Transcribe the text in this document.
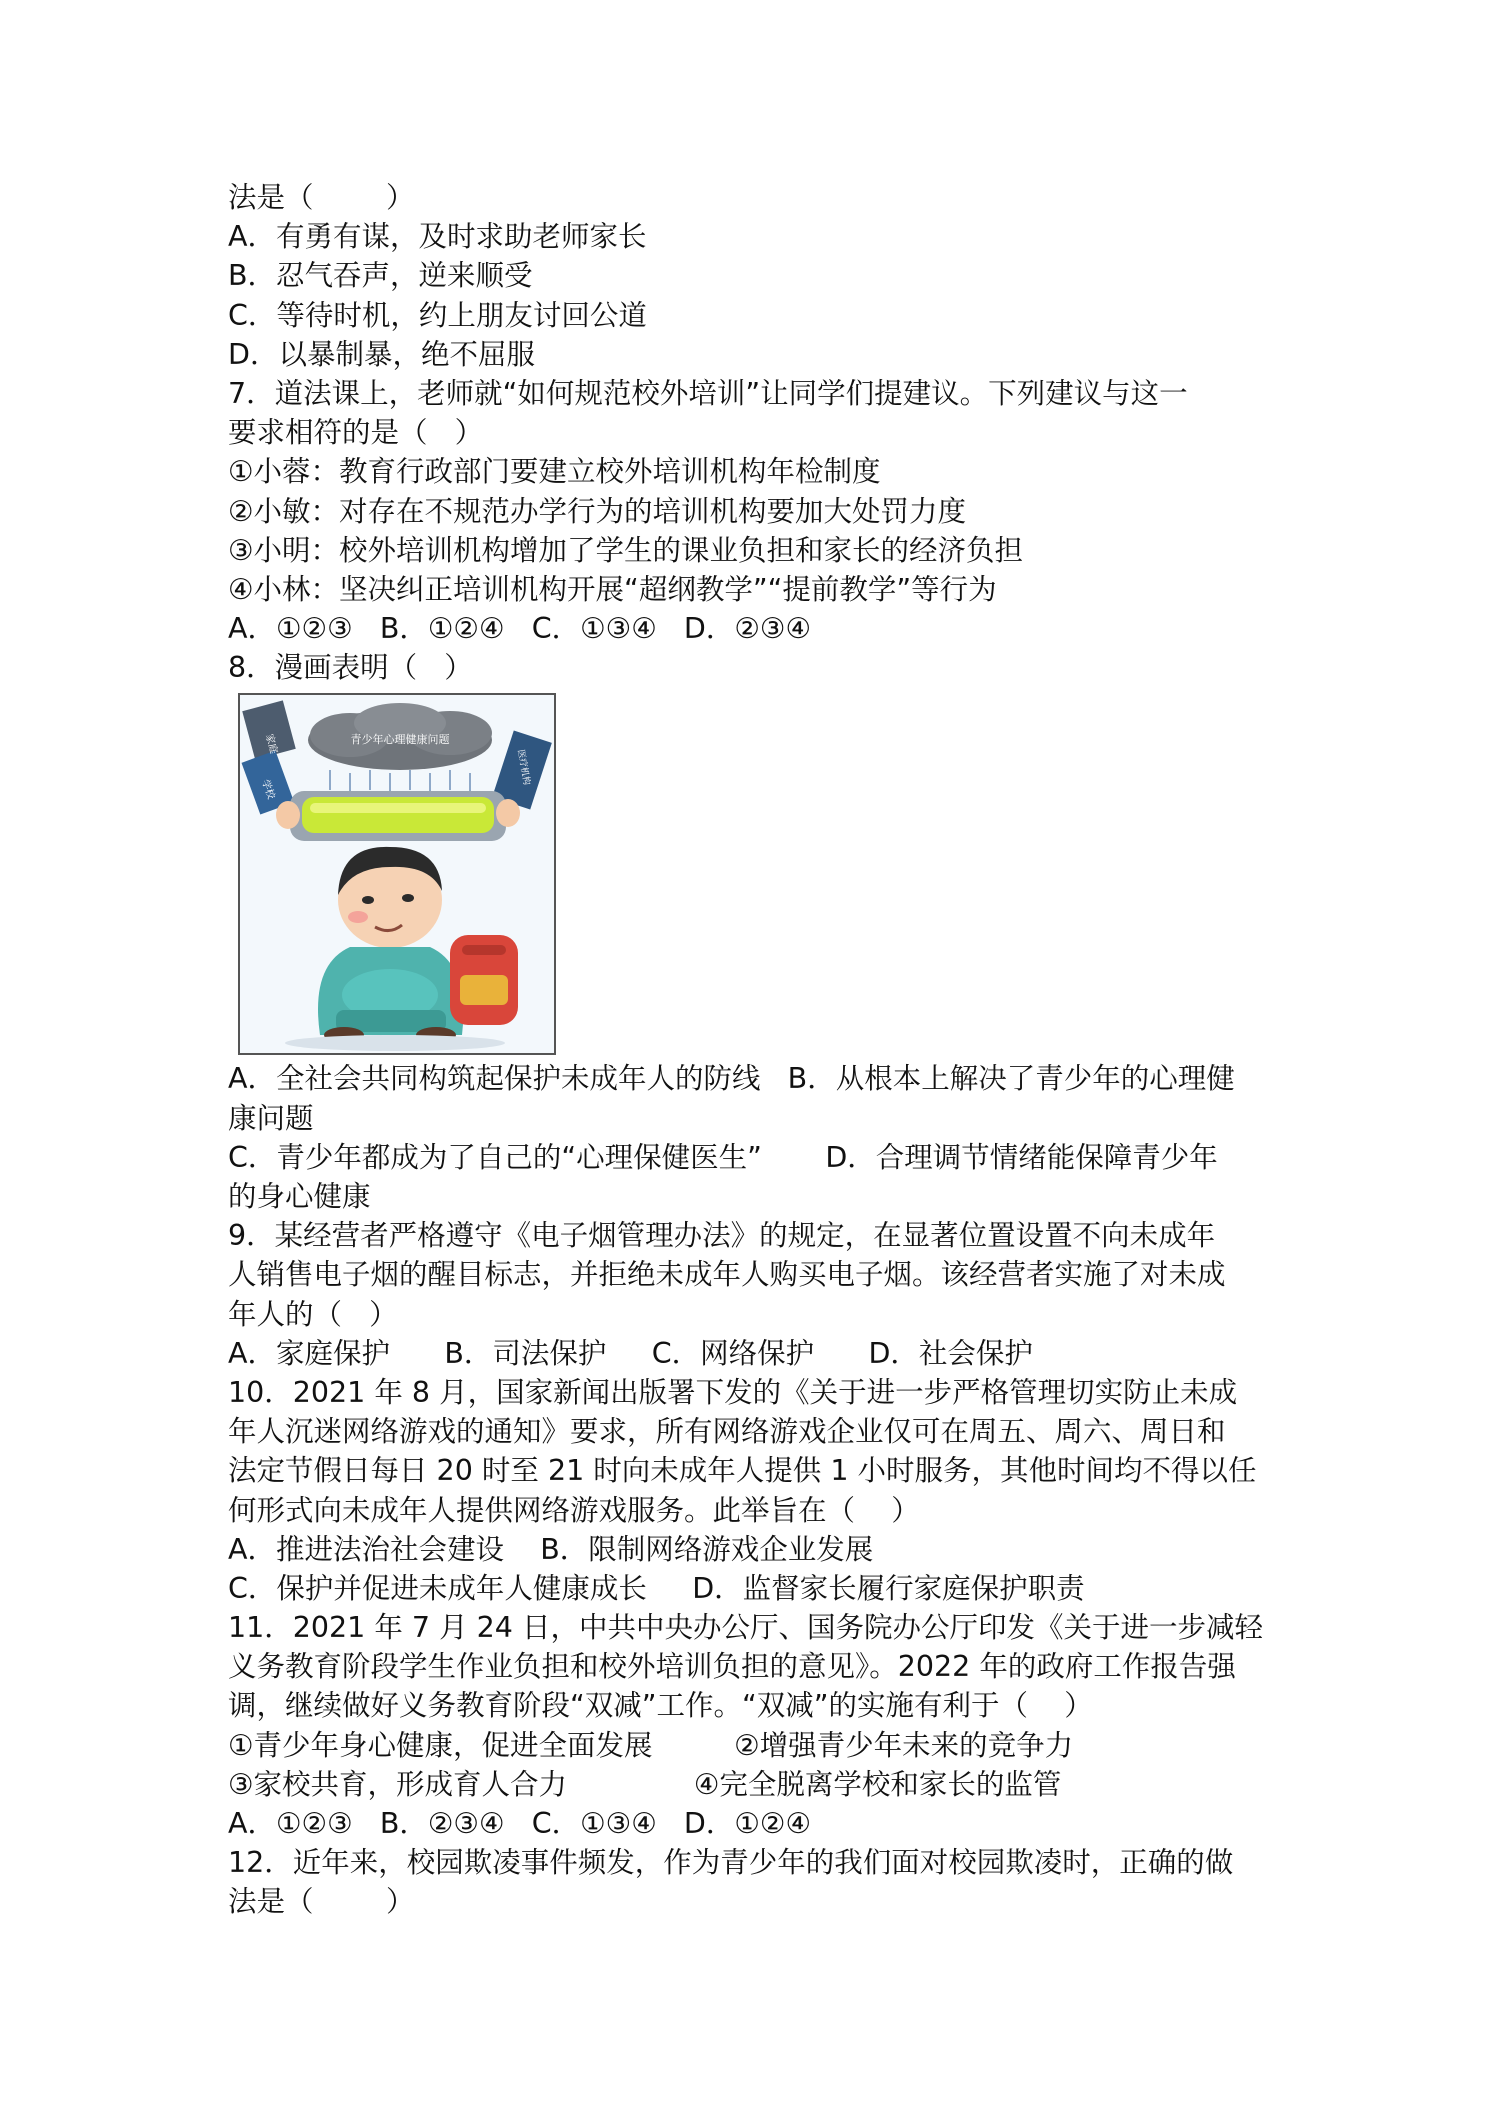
法是（        ）
A．有勇有谋，及时求助老师家长
B．忍气吞声，逆来顺受
C．等待时机，约上朋友讨回公道
D．以暴制暴，绝不屈服
7．道法课上，老师就“如何规范校外培训”让同学们提建议。下列建议与这一
要求相符的是（   ）
①小蓉：教育行政部门要建立校外培训机构年检制度
②小敏：对存在不规范办学行为的培训机构要加大处罚力度
③小明：校外培训机构增加了学生的课业负担和家长的经济负担
④小林：坚决纠正培训机构开展“超纲教学”“提前教学”等行为
A．①②③   B．①②④   C．①③④   D．②③④
8．漫画表明（   ）
青少年心理健康问题
家庭
学校
医疗机构
A．全社会共同构筑起保护未成年人的防线   B．从根本上解决了青少年的心理健
康问题
C．青少年都成为了自己的“心理保健医生”       D．合理调节情绪能保障青少年
的身心健康
9．某经营者严格遵守《电子烟管理办法》的规定，在显著位置设置不向未成年
人销售电子烟的醒目标志，并拒绝未成年人购买电子烟。该经营者实施了对未成
年人的（   ）
A．家庭保护      B．司法保护     C．网络保护      D．社会保护
10．2021 年 8 月，国家新闻出版署下发的《关于进一步严格管理切实防止未成
年人沉迷网络游戏的通知》要求，所有网络游戏企业仅可在周五、周六、周日和
法定节假日每日 20 时至 21 时向未成年人提供 1 小时服务，其他时间均不得以任
何形式向未成年人提供网络游戏服务。此举旨在（    ）
A．推进法治社会建设    B．限制网络游戏企业发展
C．保护并促进未成年人健康成长     D．监督家长履行家庭保护职责
11．2021 年 7 月 24 日，中共中央办公厅、国务院办公厅印发《关于进一步减轻
义务教育阶段学生作业负担和校外培训负担的意见》。2022 年的政府工作报告强
调，继续做好义务教育阶段“双减”工作。“双减”的实施有利于（    ）
①青少年身心健康，促进全面发展         ②增强青少年未来的竞争力
③家校共育，形成育人合力              ④完全脱离学校和家长的监管
A．①②③   B．②③④   C．①③④   D．①②④
12．近年来，校园欺凌事件频发，作为青少年的我们面对校园欺凌时，正确的做
法是（        ）
